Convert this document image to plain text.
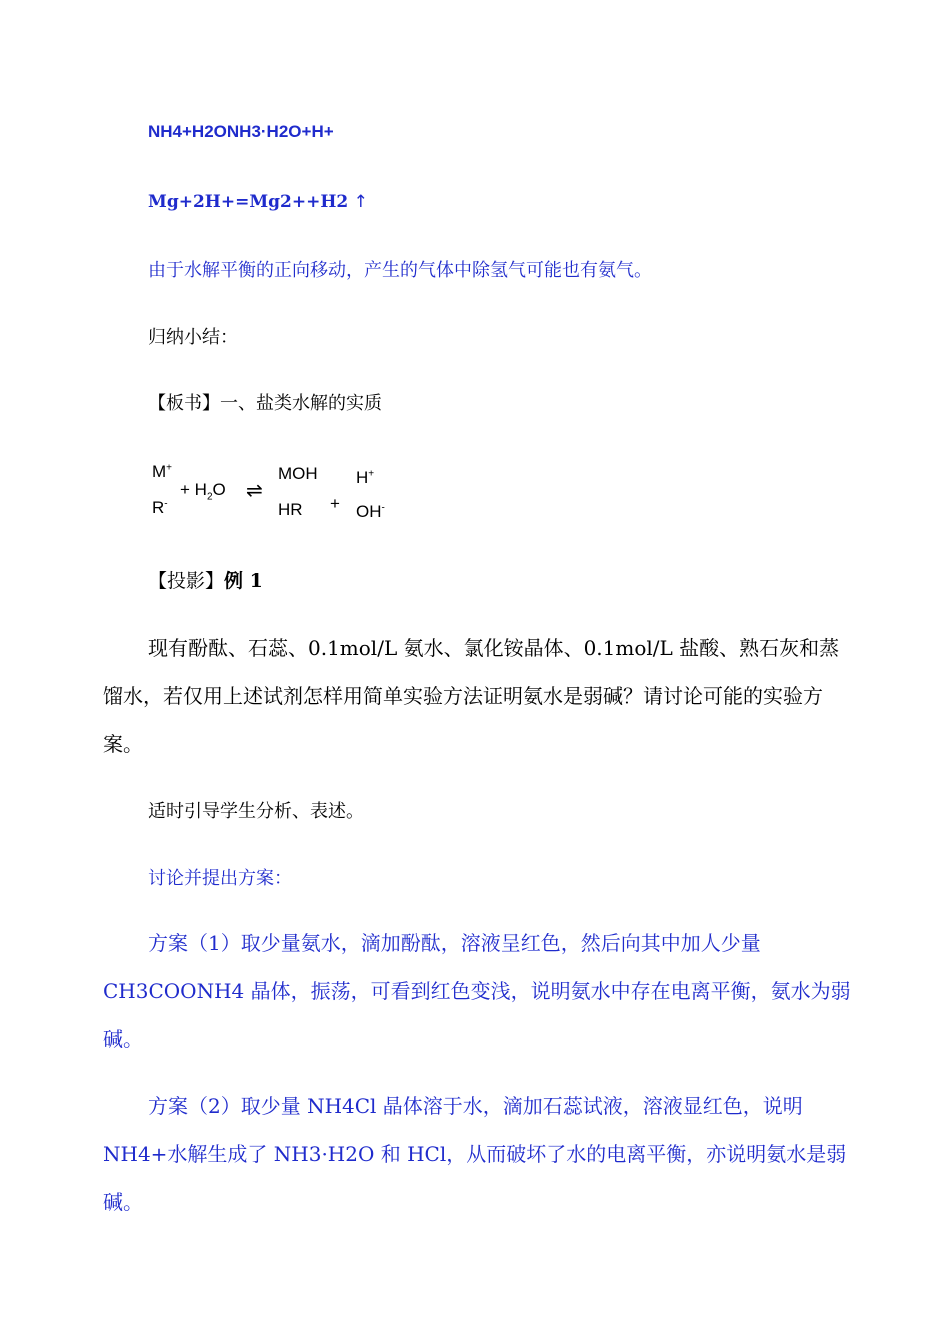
NH4+H2ONH3·H2O+H+
Mg+2H+=Mg2++H2 ↑
由于水解平衡的正向移动，产生的气体中除氢气可能也有氨气。
归纳小结：
【板书】一、盐类水解的实质
M+
R-
+ $H_2O$ ⇌
MOH
HR +
H+
OH-
【投影】例 1
现有酚酞、石蕊、0.1mol/L 氨水、氯化铵晶体、0.1mol/L 盐酸、熟石灰和蒸馏水，若仅用上述试剂怎样用简单实验方法证明氨水是弱碱？请讨论可能的实验方案。
适时引导学生分析、表述。
讨论并提出方案：
方案（1）取少量氨水，滴加酚酞，溶液呈红色，然后向其中加人少量 CH3COONH4 晶体，振荡，可看到红色变浅，说明氨水中存在电离平衡，氨水为弱碱。
方案（2）取少量 NH4Cl 晶体溶于水，滴加石蕊试液，溶液显红色，说明 NH4+水解生成了 NH3·H2O 和 HCl，从而破坏了水的电离平衡，亦说明氨水是弱碱。
